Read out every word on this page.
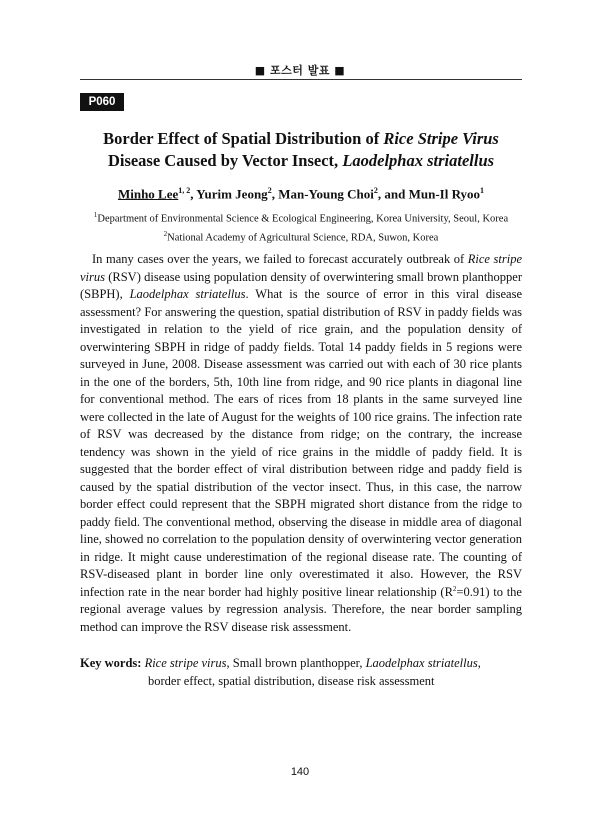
■ 포스터 발표 ■
P060
Border Effect of Spatial Distribution of Rice Stripe Virus
Disease Caused by Vector Insect, Laodelphax striatellus
Minho Lee$^{1, 2}$, Yurim Jeong$^2$, Man-Young Choi$^2$, and Mun-Il Ryoo$^1$
$^1$Department of Environmental Science & Ecological Engineering, Korea University, Seoul, Korea
$^2$National Academy of Agricultural Science, RDA, Suwon, Korea

In many cases over the years, we failed to forecast accurately outbreak of Rice stripe virus (RSV) disease using population density of overwintering small brown planthopper (SBPH), Laodelphax striatellus. What is the source of error in this viral disease assessment? For answering the question, spatial distribution of RSV in paddy fields was investigated in relation to the yield of rice grain, and the population density of overwintering SBPH in ridge of paddy fields. Total 14 paddy fields in 5 regions were surveyed in June, 2008. Disease assessment was carried out with each of 30 rice plants in the one of the borders, 5th, 10th line from ridge, and 90 rice plants in diagonal line for conventional method. The ears of rices from 18 plants in the same surveyed line were collected in the late of August for the weights of 100 rice grains. The infection rate of RSV was decreased by the distance from ridge; on the contrary, the increase tendency was shown in the yield of rice grains in the middle of paddy field. It is suggested that the border effect of viral distribution between ridge and paddy field is caused by the spatial distribution of the vector insect. Thus, in this case, the narrow border effect could represent that the SBPH migrated short distance from the ridge to paddy field. The conventional method, observing the disease in middle area of diagonal line, showed no correlation to the population density of overwintering vector generation in ridge. It might cause underestimation of the regional disease rate. The counting of RSV-diseased plant in border line only overestimated it also. However, the RSV infection rate in the near border had highly positive linear relationship $(R^2=0.91)$ to the regional average values by regression analysis. Therefore, the near border sampling method can improve the RSV disease risk assessment.

Key words: Rice stripe virus, Small brown planthopper, Laodelphax striatellus,
border effect, spatial distribution, disease risk assessment
140
